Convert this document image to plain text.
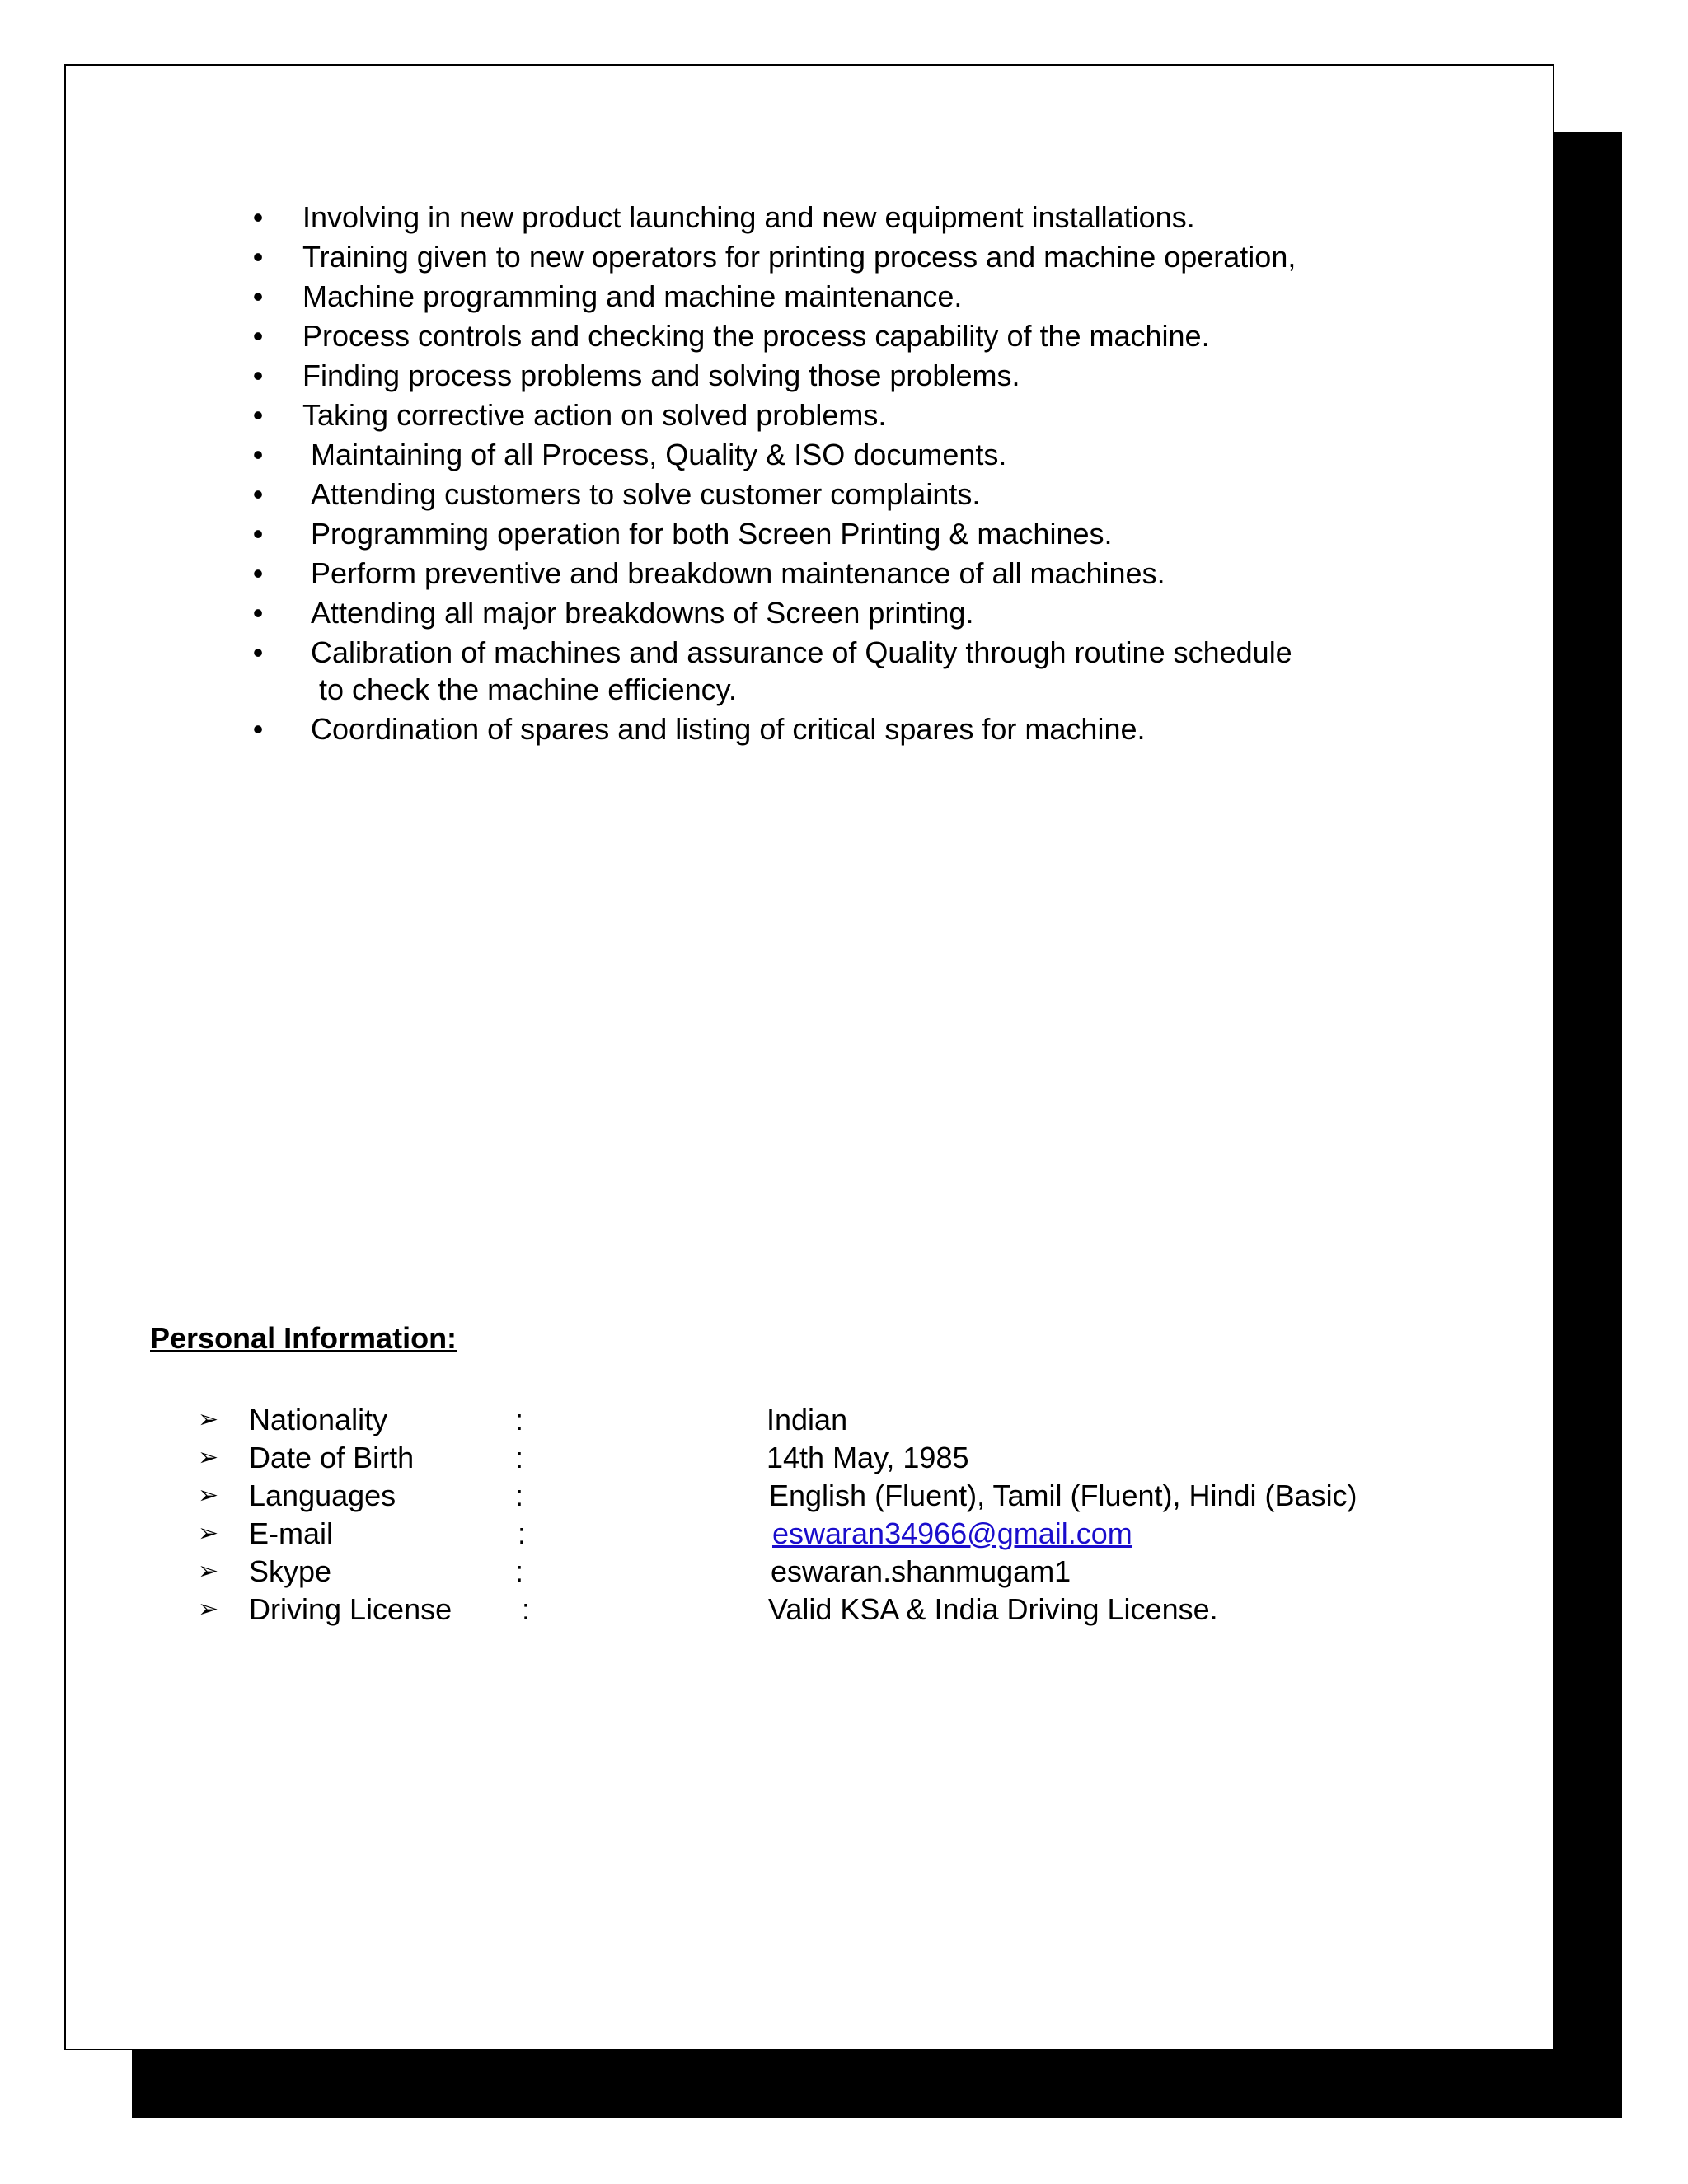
•	Involving in new product launching and new equipment installations.
•	Training given to new operators for printing process and machine operation,
•	Machine programming and machine maintenance.
•	Process controls and checking the process capability of the machine.
•	Finding process problems and solving those problems.
•	Taking corrective action on solved problems.
•	Maintaining of all Process, Quality & ISO documents.
•	Attending customers to solve customer complaints.
•	Programming operation for both Screen Printing & machines.
•	Perform preventive and breakdown maintenance of all machines.
•	Attending all major breakdowns of Screen printing.
•	Calibration of machines and assurance of Quality through routine schedule
to check the machine efficiency.
•	Coordination of spares and listing of critical spares for machine.
Personal Information:
➢ Nationality	:	Indian
➢ Date of Birth	:	14th May, 1985
➢ Languages	:	English (Fluent), Tamil (Fluent), Hindi (Basic)
➢ E-mail	:	eswaran34966@gmail.com
➢ Skype	:	eswaran.shanmugam1
➢ Driving License :	Valid KSA & India Driving License.
